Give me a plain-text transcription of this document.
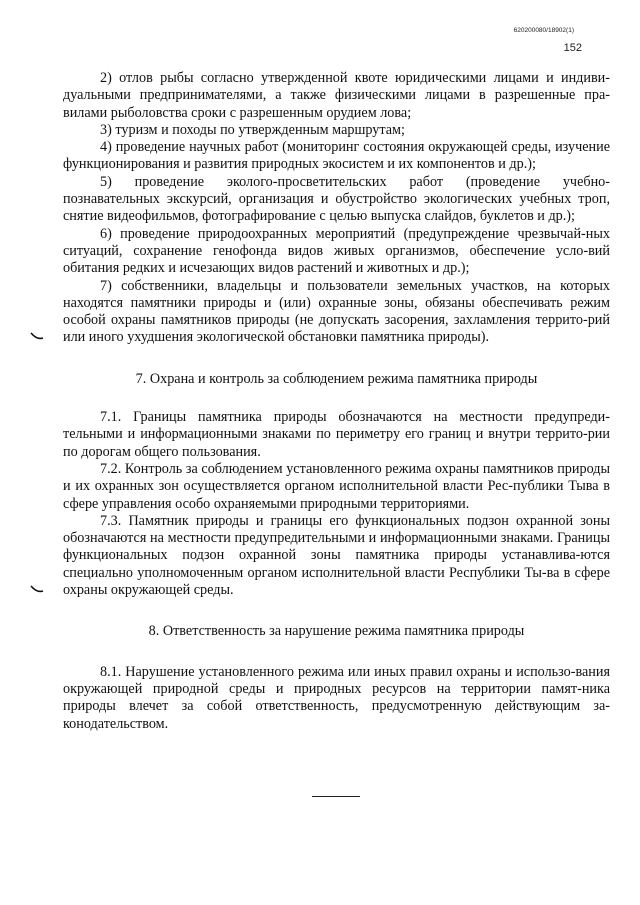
620200080/18902(1)
152

2) отлов рыбы согласно утвержденной квоте юридическими лицами и индиви-дуальными предпринимателями, а также физическими лицами в разрешенные пра-вилами рыболовства сроки с разрешенным орудием лова;

3) туризм и походы по утвержденным маршрутам;

4) проведение научных работ (мониторинг состояния окружающей среды, изучение функционирования и развития природных экосистем и их компонентов и др.);

5) проведение эколого-просветительских работ (проведение учебно-познавательных экскурсий, организация и обустройство экологических учебных троп, снятие видеофильмов, фотографирование с целью выпуска слайдов, буклетов и др.);

6) проведение природоохранных мероприятий (предупреждение чрезвычай-ных ситуаций, сохранение генофонда видов живых организмов, обеспечение усло-вий обитания редких и исчезающих видов растений и животных и др.);

7) собственники, владельцы и пользователи земельных участков, на которых находятся памятники природы и (или) охранные зоны, обязаны обеспечивать режим особой охраны памятников природы (не допускать засорения, захламления террито-рий или иного ухудшения экологической обстановки памятника природы).

7. Охрана и контроль за соблюдением режима памятника природы

7.1. Границы памятника природы обозначаются на местности предупреди-тельными и информационными знаками по периметру его границ и внутри террито-рии по дорогам общего пользования.

7.2. Контроль за соблюдением установленного режима охраны памятников природы и их охранных зон осуществляется органом исполнительной власти Рес-публики Тыва в сфере управления особо охраняемыми природными территориями.

7.3. Памятник природы и границы его функциональных подзон охранной зоны обозначаются на местности предупредительными и информационными знаками. Границы функциональных подзон охранной зоны памятника природы устанавлива-ются специально уполномоченным органом исполнительной власти Республики Ты-ва в сфере охраны окружающей среды.

8. Ответственность за нарушение режима памятника природы

8.1. Нарушение установленного режима или иных правил охраны и использо-вания окружающей природной среды и природных ресурсов на территории памят-ника природы влечет за собой ответственность, предусмотренную действующим за-конодательством.
